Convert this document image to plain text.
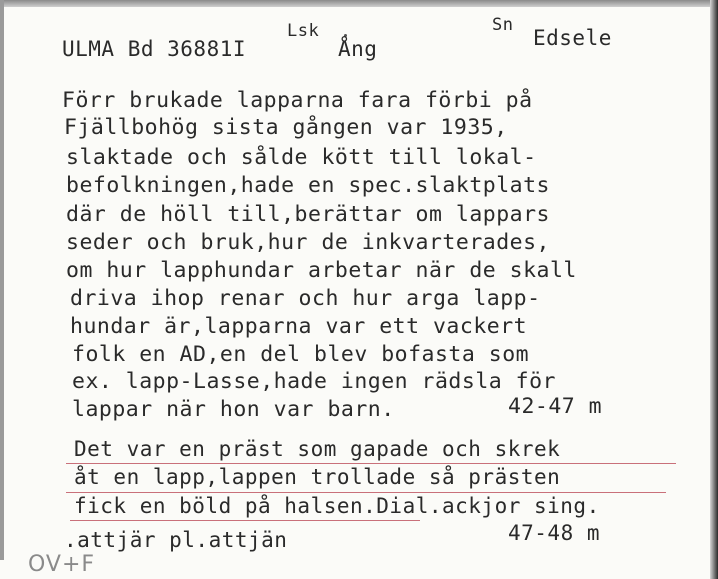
ULMA Bd 36881I
Lsk
Ång
Sn
Edsele
Förr brukade lapparna fara förbi på
Fjällbohög sista gången var 1935,
slaktade och sålde kött till lokal-
befolkningen,hade en spec.slaktplats
där de höll till,berättar om lappars
seder och bruk,hur de inkvarterades,
om hur lapphundar arbetar när de skall
driva ihop renar och hur arga lapp-
hundar är,lapparna var ett vackert
folk en AD,en del blev bofasta som
ex. lapp-Lasse,hade ingen rädsla för
lappar när hon var barn.	42-47 m
Det var en präst som gapade och skrek
åt en lapp,lappen trollade så prästen
fick en böld på halsen.Dial.ackjor sing.
.attjär pl.attjän	47-48 m
OV+F
